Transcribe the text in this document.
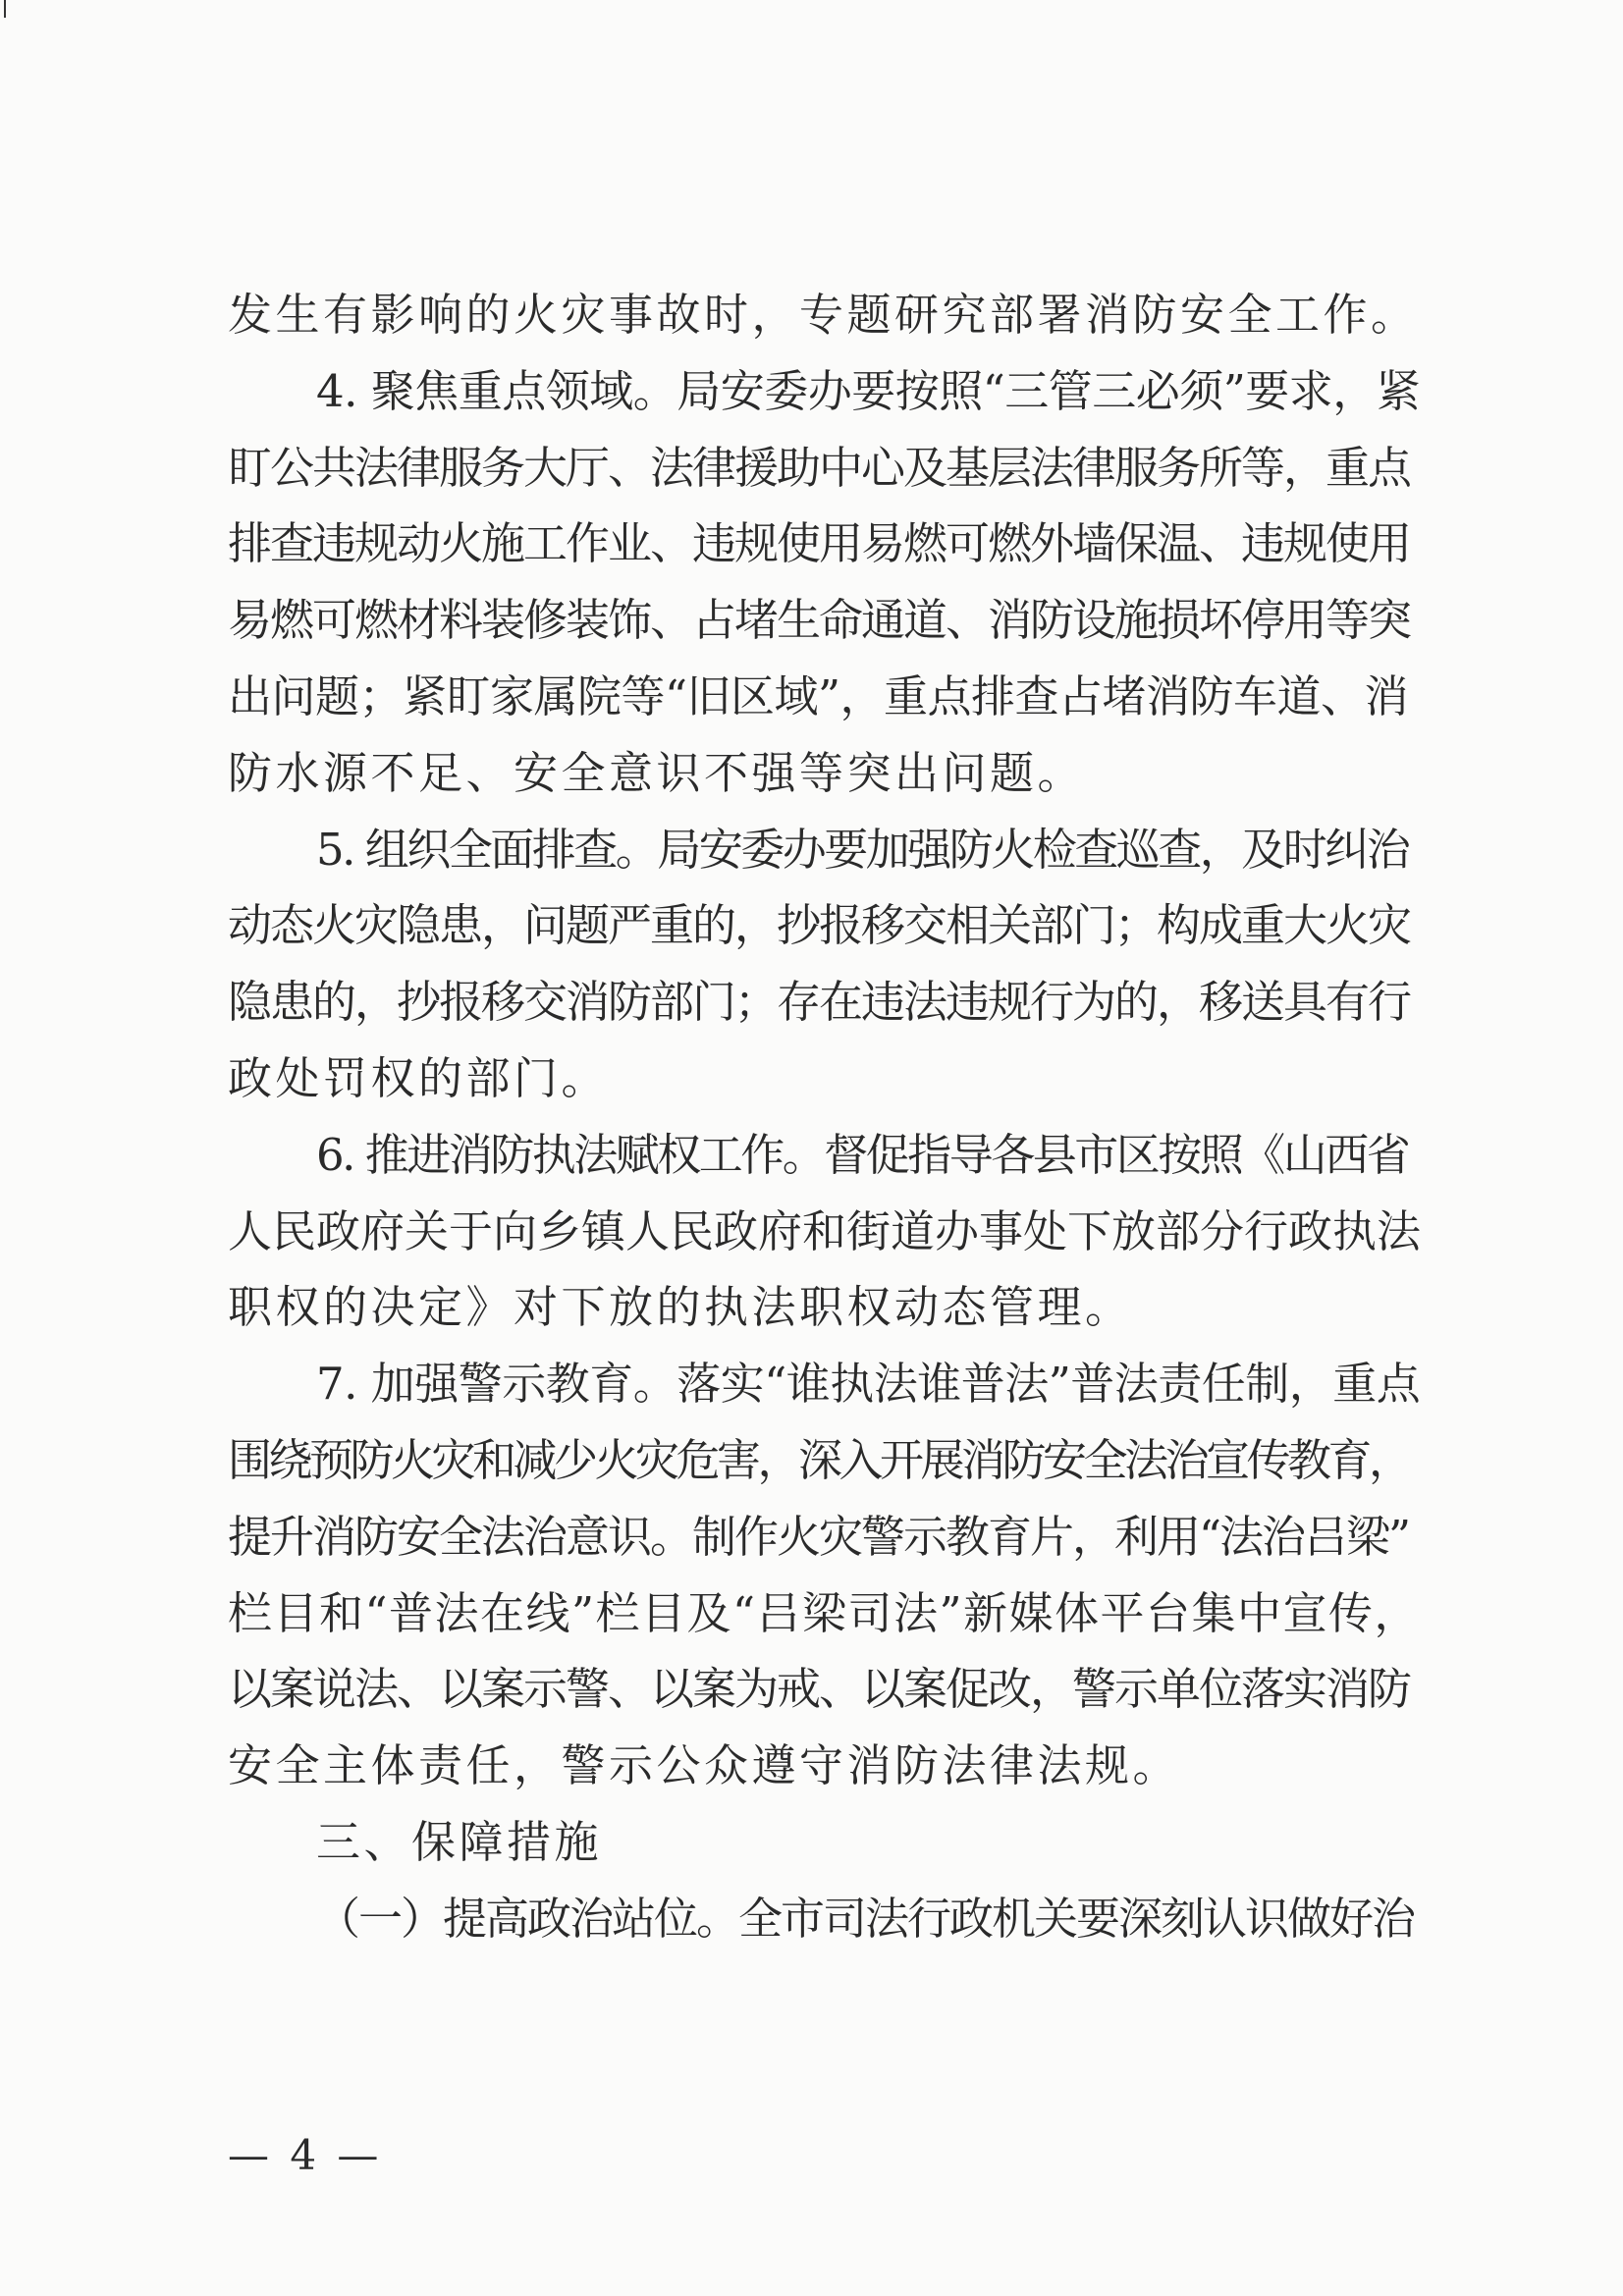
发生有影响的火灾事故时，专题研究部署消防安全工作。
4. 聚焦重点领域。局安委办要按照“三管三必须”要求，紧
盯公共法律服务大厅、法律援助中心及基层法律服务所等，重点
排查违规动火施工作业、违规使用易燃可燃外墙保温、违规使用
易燃可燃材料装修装饰、占堵生命通道、消防设施损坏停用等突
出问题；紧盯家属院等“旧区域”，重点排查占堵消防车道、消
防水源不足、安全意识不强等突出问题。
5. 组织全面排查。局安委办要加强防火检查巡查，及时纠治
动态火灾隐患，问题严重的，抄报移交相关部门；构成重大火灾
隐患的，抄报移交消防部门；存在违法违规行为的，移送具有行
政处罚权的部门。
6. 推进消防执法赋权工作。督促指导各县市区按照《山西省
人民政府关于向乡镇人民政府和街道办事处下放部分行政执法
职权的决定》对下放的执法职权动态管理。
7. 加强警示教育。落实“谁执法谁普法”普法责任制，重点
围绕预防火灾和减少火灾危害，深入开展消防安全法治宣传教育，
提升消防安全法治意识。制作火灾警示教育片，利用“法治吕梁”
栏目和“普法在线”栏目及“吕梁司法”新媒体平台集中宣传，
以案说法、以案示警、以案为戒、以案促改，警示单位落实消防
安全主体责任，警示公众遵守消防法律法规。
三、保障措施
（一）提高政治站位。全市司法行政机关要深刻认识做好治
— 4 —
